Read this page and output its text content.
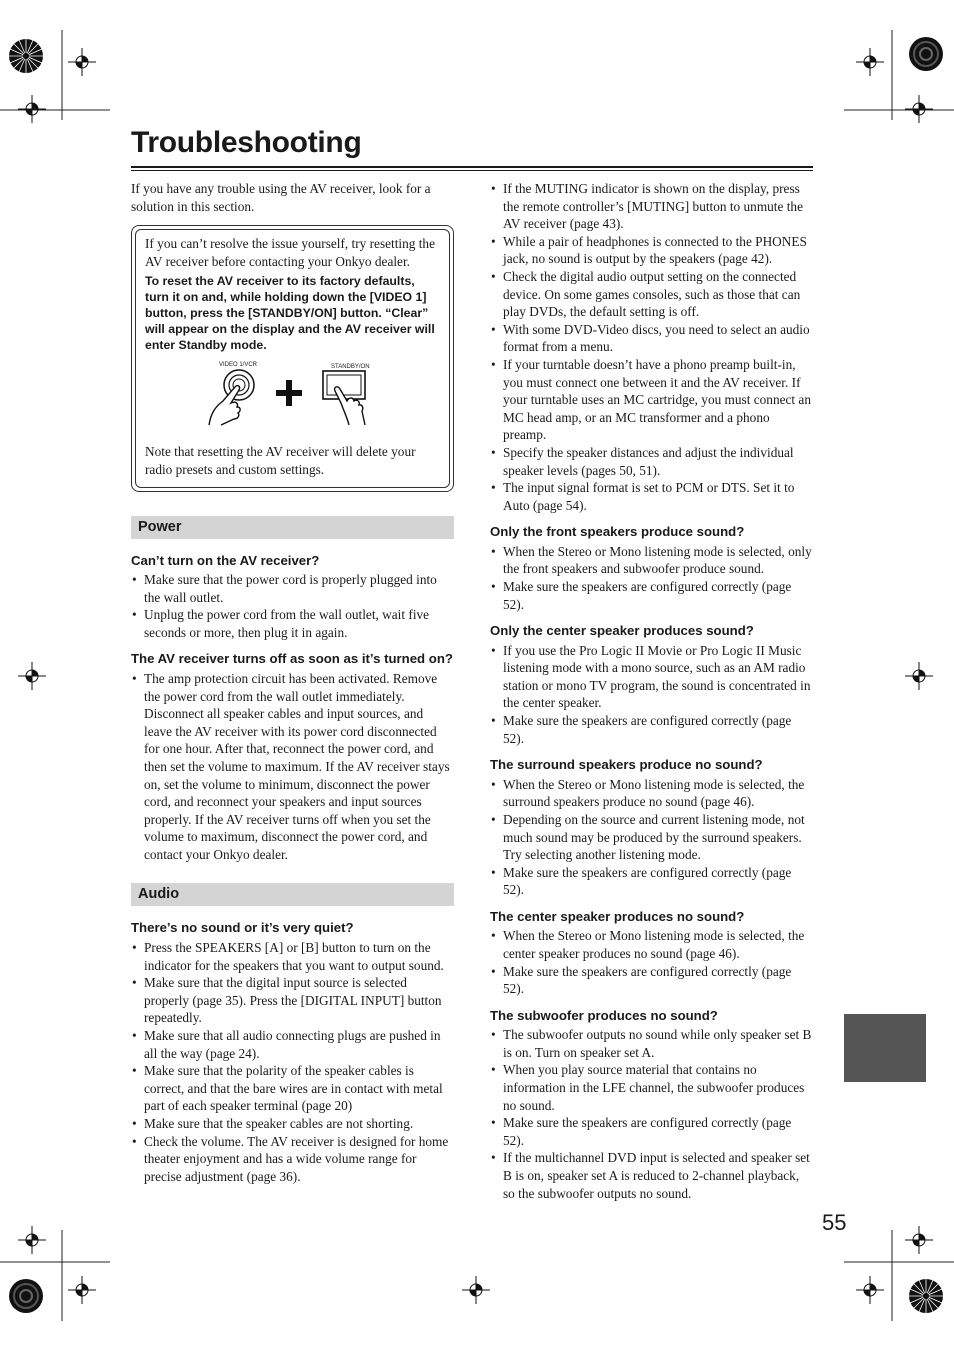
Troubleshooting

If you have any trouble using the AV receiver, look for a solution in this section.

If you can’t resolve the issue yourself, try resetting the AV receiver before contacting your Onkyo dealer.

To reset the AV receiver to its factory defaults, turn it on and, while holding down the [VIDEO 1] button, press the [STANDBY/ON] button. “Clear” will appear on the display and the AV receiver will enter Standby mode.

VIDEO 1/VCR	STANDBY/ON

Note that resetting the AV receiver will delete your radio presets and custom settings.

Power

Can’t turn on the AV receiver?

• Make sure that the power cord is properly plugged into the wall outlet.
• Unplug the power cord from the wall outlet, wait five seconds or more, then plug it in again.

The AV receiver turns off as soon as it’s turned on?

• The amp protection circuit has been activated. Remove the power cord from the wall outlet immediately. Disconnect all speaker cables and input sources, and leave the AV receiver with its power cord disconnected for one hour. After that, reconnect the power cord, and then set the volume to maximum. If the AV receiver stays on, set the volume to minimum, disconnect the power cord, and reconnect your speakers and input sources properly. If the AV receiver turns off when you set the volume to maximum, disconnect the power cord, and contact your Onkyo dealer.
Audio

There’s no sound or it’s very quiet?

• Press the SPEAKERS [A] or [B] button to turn on the indicator for the speakers that you want to output sound.
• Make sure that the digital input source is selected properly (page 35). Press the [DIGITAL INPUT] button repeatedly.
• Make sure that all audio connecting plugs are pushed in all the way (page 24).
• Make sure that the polarity of the speaker cables is correct, and that the bare wires are in contact with metal part of each speaker terminal (page 20)
• Make sure that the speaker cables are not shorting.
• Check the volume. The AV receiver is designed for home theater enjoyment and has a wide volume range for precise adjustment (page 36).
• If the MUTING indicator is shown on the display, press the remote controller’s [MUTING] button to unmute the AV receiver (page 43).
• While a pair of headphones is connected to the PHONES jack, no sound is output by the speakers (page 42).
• Check the digital audio output setting on the connected device. On some games consoles, such as those that can play DVDs, the default setting is off.
• With some DVD-Video discs, you need to select an audio format from a menu.
• If your turntable doesn’t have a phono preamp built-in, you must connect one between it and the AV receiver. If your turntable uses an MC cartridge, you must connect an MC head amp, or an MC transformer and a phono preamp.
• Specify the speaker distances and adjust the individual speaker levels (pages 50, 51).
• The input signal format is set to PCM or DTS. Set it to Auto (page 54).

Only the front speakers produce sound?

• When the Stereo or Mono listening mode is selected, only the front speakers and subwoofer produce sound.
• Make sure the speakers are configured correctly (page 52).

Only the center speaker produces sound?

• If you use the Pro Logic II Movie or Pro Logic II Music listening mode with a mono source, such as an AM radio station or mono TV program, the sound is concentrated in the center speaker.
• Make sure the speakers are configured correctly (page 52).

The surround speakers produce no sound?

• When the Stereo or Mono listening mode is selected, the surround speakers produce no sound (page 46).
• Depending on the source and current listening mode, not much sound may be produced by the surround speakers. Try selecting another listening mode.
• Make sure the speakers are configured correctly (page 52).

The center speaker produces no sound?

• When the Stereo or Mono listening mode is selected, the center speaker produces no sound (page 46).
• Make sure the speakers are configured correctly (page 52).

The subwoofer produces no sound?

• The subwoofer outputs no sound while only speaker set B is on. Turn on speaker set A.
• When you play source material that contains no information in the LFE channel, the subwoofer produces no sound.
• Make sure the speakers are configured correctly (page 52).
• If the multichannel DVD input is selected and speaker set B is on, speaker set A is reduced to 2-channel playback, so the subwoofer outputs no sound.
55
